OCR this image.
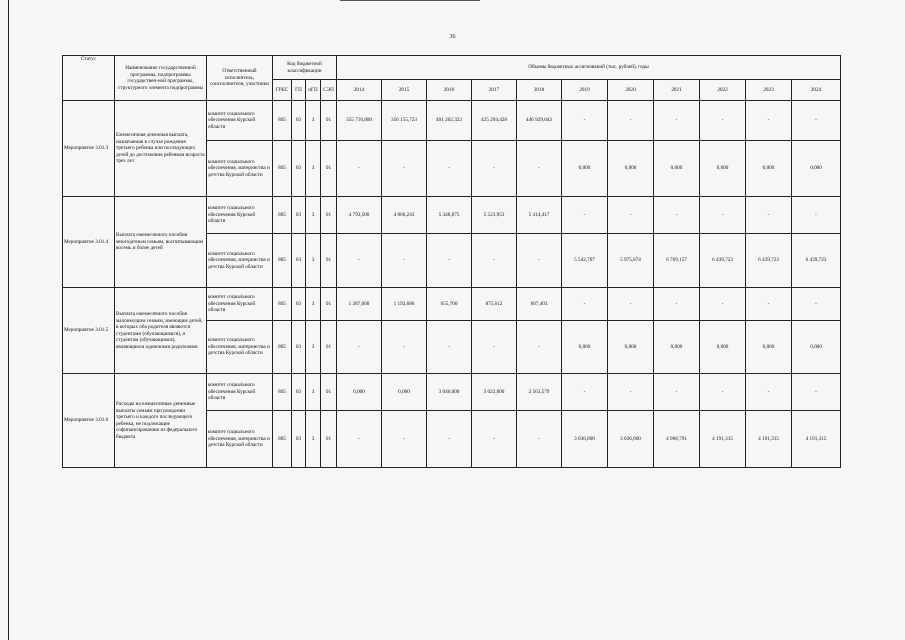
36
Статус	Наименование государственной программы, подпрограммы государствен-ной программы, структурного элемента подпрограммы	Ответственный исполнитель, соисполнители, участники	Код бюджетной классификации				Объемы бюджетных ассигнований (тыс. рублей), годы										
			ГРБС	ГП	пГП	СЭП	2014	2015	2016	2017	2018	2019	2020	2021	2022	2023	2024
Мероприятие 3.01.3	Ежемесячная денежная выплата, назначаемая в случае рождения третьего ребенка или последующих детей до достижения ребенком возраста трех лет	комитет социального обеспечения Курской области	805	03	3	01	355 716,800	356 155,723	401 202,322	425 294,428	446 929,043	-	-	-	-	-	-
		комитет социального обеспечения, материнства и детства Курской области	805	03	3	01	-	-	-	-	-	0,000	0,000	0,000	0,000	0,000	0,000
Мероприятие 3.01.4	Выплата ежемесячного пособия многодетным семьям, воспитывающим восемь и более детей	комитет социального обеспечения Курской области	805	03	3	01	4 793,500	4 866,243	5 348,875	5 523,953	5 414,417	-	-	-	-	-	-
		комитет социального обеспечения, материнства и детства Курской области	805	03	3	01	-	-	-	-	-	5 542,707	5 975,874	6 769,157	6 439,723	6 439,723	6 439,723
Мероприятие 3.01.5	Выплата ежемесячного пособия малоимущим семьям, имеющим детей, в которых оба родителя являются студентами (обучающимися), и студентам (обучающимся), являющимся одинокими родителями	комитет социального обеспечения Курской области	805	03	3	01	1 387,000	1 192,686	655,700	875,612	607,403	-	-	-	-	-	-
		комитет социального обеспечения, материнства и детства Курской области	805	03	3	01	-	-	-	-	-	0,000	0,000	0,000	0,000	0,000	0,000
Мероприятие 3.01.6	Расходы на ежемесячные денежные выплаты семьям при рождении третьего и каждого последующего ребенка, не подлежащие софинансированию из федерального бюджета	комитет социального обеспечения Курской области	805	03	3	01	0,000	0,000	3 046,000	3 022,000	2 563,579	-	-	-	-	-	-
		комитет социального обеспечения, материнства и детства Курской области	805	03	3	01	-	-	-	-	-	3 036,800	3 036,800	4 068,791	4 191,315	4 191,315	4 191,315
